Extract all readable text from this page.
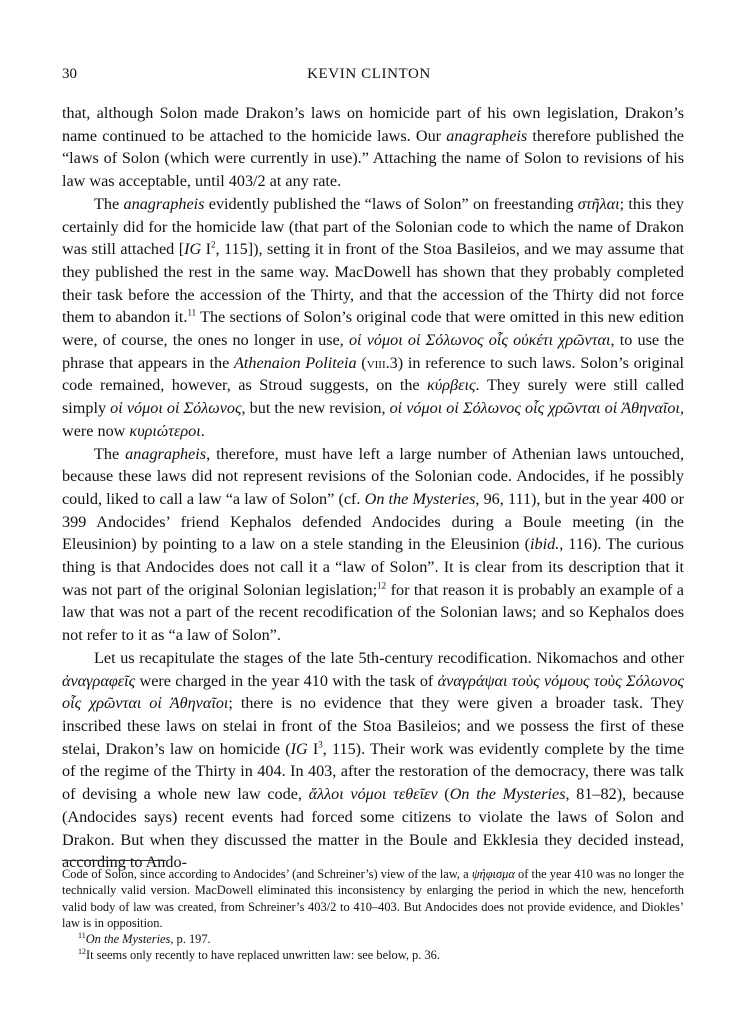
30	KEVIN CLINTON

that, although Solon made Drakon’s laws on homicide part of his own legislation, Drakon’s name continued to be attached to the homicide laws. Our anagrapheis therefore published the “laws of Solon (which were currently in use).” Attaching the name of Solon to revisions of his law was acceptable, until 403/2 at any rate.

The anagrapheis evidently published the “laws of Solon” on freestanding στῆλαι; this they certainly did for the homicide law (that part of the Solonian code to which the name of Drakon was still attached [IG $I^2$, 115]), setting it in front of the Stoa Basileios, and we may assume that they published the rest in the same way. MacDowell has shown that they probably completed their task before the accession of the Thirty, and that the accession of the Thirty did not force them to abandon it.$^{11}$ The sections of Solon’s original code that were omitted in this new edition were, of course, the ones no longer in use, οἱ νόμοι οἱ Σόλωνος οἷς οὐκέτι χρῶνται, to use the phrase that appears in the Athenaion Politeia (viii.3) in reference to such laws. Solon’s original code remained, however, as Stroud suggests, on the κύρβεις. They surely were still called simply οἱ νόμοι οἱ Σόλωνος, but the new revision, οἱ νόμοι οἱ Σόλωνος οἷς χρῶνται οἱ Ἀθηναῖοι, were now κυριώτεροι.

The anagrapheis, therefore, must have left a large number of Athenian laws untouched, because these laws did not represent revisions of the Solonian code. Andocides, if he possibly could, liked to call a law “a law of Solon” (cf. On the Mysteries, 96, 111), but in the year 400 or 399 Andocides’ friend Kephalos defended Andocides during a Boule meeting (in the Eleusinion) by pointing to a law on a stele standing in the Eleusinion (ibid., 116). The curious thing is that Andocides does not call it a “law of Solon”. It is clear from its description that it was not part of the original Solonian legislation;$^{12}$ for that reason it is probably an example of a law that was not a part of the recent recodification of the Solonian laws; and so Kephalos does not refer to it as “a law of Solon”.

Let us recapitulate the stages of the late 5th-century recodification. Nikomachos and other ἀναγραφεῖς were charged in the year 410 with the task of ἀναγράψαι τοὺς νόμους τοὺς Σόλωνος οἷς χρῶνται οἱ Ἀθηναῖοι; there is no evidence that they were given a broader task. They inscribed these laws on stelai in front of the Stoa Basileios; and we possess the first of these stelai, Drakon’s law on homicide (IG $I^3$, 115). Their work was evidently complete by the time of the regime of the Thirty in 404. In 403, after the restoration of the democracy, there was talk of devising a whole new law code, ἄλλοι νόμοι τεθεῖεν (On the Mysteries, 81–82), because (Andocides says) recent events had forced some citizens to violate the laws of Solon and Drakon. But when they discussed the matter in the Boule and Ekklesia they decided instead, according to Ando-

Code of Solon, since according to Andocides’ (and Schreiner’s) view of the law, a ψήφισμα of the year 410 was no longer the technically valid version. MacDowell eliminated this inconsistency by enlarging the period in which the new, henceforth valid body of law was created, from Schreiner’s 403/2 to 410–403. But Andocides does not provide evidence, and Diokles’ law is in opposition.

$^{11}$On the Mysteries, p. 197.

$^{12}$It seems only recently to have replaced unwritten law: see below, p. 36.
